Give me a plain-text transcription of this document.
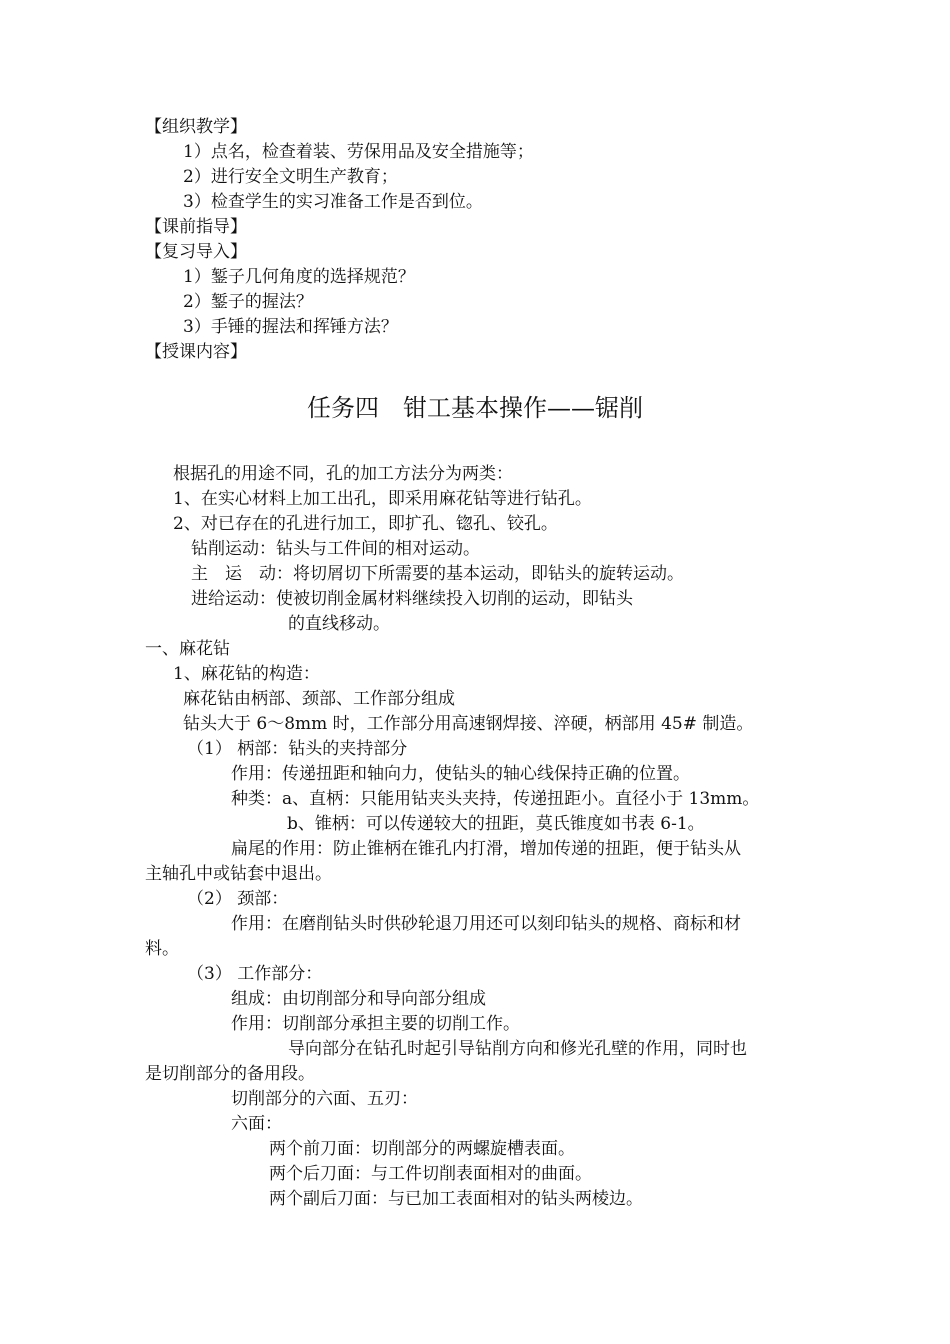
【组织教学】
1）点名，检查着装、劳保用品及安全措施等；
2）进行安全文明生产教育；
3）检查学生的实习准备工作是否到位。
【课前指导】
【复习导入】
1）錾子几何角度的选择规范？
2）錾子的握法？
3）手锤的握法和挥锤方法？
【授课内容】
任务四　钳工基本操作——锯削
根据孔的用途不同，孔的加工方法分为两类：
1、在实心材料上加工出孔，即采用麻花钻等进行钻孔。
2、对已存在的孔进行加工，即扩孔、锪孔、铰孔。
钻削运动：钻头与工件间的相对运动。
主　运　动：将切屑切下所需要的基本运动，即钻头的旋转运动。
进给运动：使被切削金属材料继续投入切削的运动，即钻头
的直线移动。
一、麻花钻
1、麻花钻的构造：
麻花钻由柄部、颈部、工作部分组成
钻头大于 6～8mm 时，工作部分用高速钢焊接、淬硬，柄部用 45# 制造。
（1） 柄部：钻头的夹持部分
作用：传递扭距和轴向力，使钻头的轴心线保持正确的位置。
种类：a、直柄：只能用钻夹头夹持，传递扭距小。直径小于 13mm。
b、锥柄：可以传递较大的扭距，莫氏锥度如书表 6-1。
扁尾的作用：防止锥柄在锥孔内打滑，增加传递的扭距，便于钻头从
主轴孔中或钻套中退出。
（2） 颈部：
作用：在磨削钻头时供砂轮退刀用还可以刻印钻头的规格、商标和材
料。
（3） 工作部分：
组成：由切削部分和导向部分组成
作用：切削部分承担主要的切削工作。
导向部分在钻孔时起引导钻削方向和修光孔壁的作用，同时也
是切削部分的备用段。
切削部分的六面、五刃：
六面：
两个前刀面：切削部分的两螺旋槽表面。
两个后刀面：与工件切削表面相对的曲面。
两个副后刀面：与已加工表面相对的钻头两棱边。
